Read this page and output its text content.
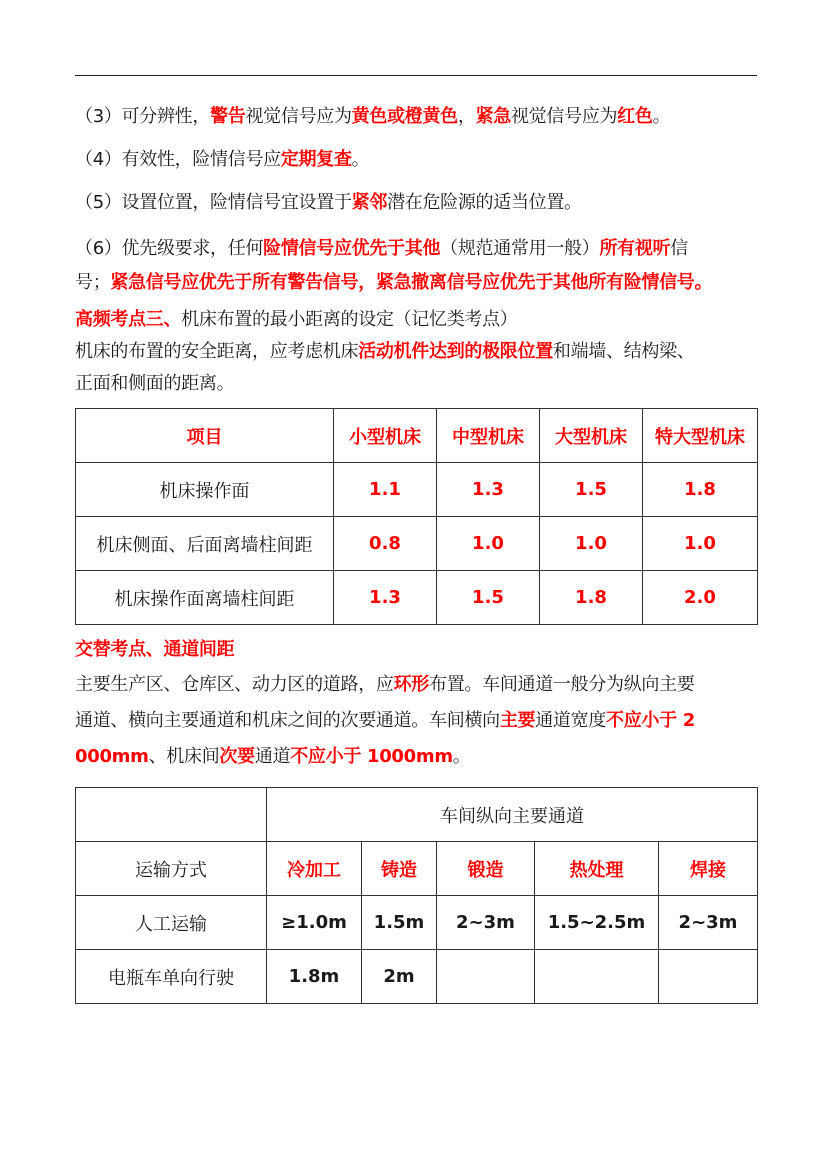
（3）可分辨性，警告视觉信号应为黄色或橙黄色，紧急视觉信号应为红色。
（4）有效性，险情信号应定期复查。
（5）设置位置，险情信号宜设置于紧邻潜在危险源的适当位置。
（6）优先级要求，任何险情信号应优先于其他（规范通常用一般）所有视听信
号；紧急信号应优先于所有警告信号，紧急撤离信号应优先于其他所有险情信号。
高频考点三、机床布置的最小距离的设定（记忆类考点）
机床的布置的安全距离，应考虑机床活动机件达到的极限位置和端墙、结构梁、
正面和侧面的距离。
项目	小型机床	中型机床	大型机床	特大型机床
机床操作面	1.1	1.3	1.5	1.8
机床侧面、后面离墙柱间距	0.8	1.0	1.0	1.0
机床操作面离墙柱间距	1.3	1.5	1.8	2.0
交替考点、通道间距
主要生产区、仓库区、动力区的道路，应环形布置。车间通道一般分为纵向主要
通道、横向主要通道和机床之间的次要通道。车间横向主要通道宽度不应小于 2
000mm、机床间次要通道不应小于 1000mm。
	车间纵向主要通道				
运输方式	冷加工	铸造	锻造	热处理	焊接
人工运输	≥1.0m	1.5m	2~3m	1.5~2.5m	2~3m
电瓶车单向行驶	1.8m	2m			
